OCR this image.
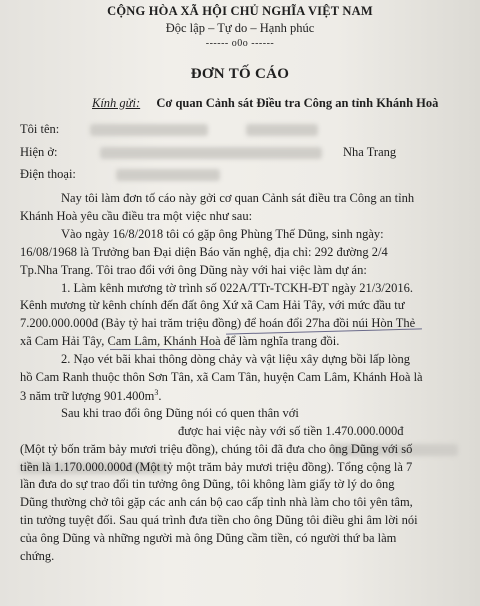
CỘNG HÒA XÃ HỘI CHỦ NGHĨA VIỆT NAM
Độc lập – Tự do – Hạnh phúc
------ o0o ------
ĐƠN TỐ CÁO
Kính gửi: Cơ quan Cảnh sát Điều tra Công an tỉnh Khánh Hoà
Tôi tên:
Hiện ở:	Nha Trang
Điện thoại:
Nay tôi làm đơn tố cáo này gởi cơ quan Cảnh sát điều tra Công an tỉnh
Khánh Hoà yêu cầu điều tra một việc như sau:
Vào ngày 16/8/2018 tôi có gặp ông Phùng Thế Dũng, sinh ngày:
16/08/1968 là Trưởng ban Đại diện Báo văn nghệ, địa chỉ: 292 đường 2/4
Tp.Nha Trang. Tôi trao đổi với ông Dũng này với hai việc làm dự án:
1. Làm kênh mương tờ trình số 022A/TTr-TCKH-ĐT ngày 21/3/2016.
Kênh mương từ kênh chính đến đất ông Xứ xã Cam Hải Tây, với mức đầu tư
7.200.000.000đ (Bảy tỷ hai trăm triệu đồng) để hoán đổi 27ha đồi núi Hòn Thẻ
xã Cam Hải Tây, Cam Lâm, Khánh Hoà để làm nghĩa trang đồi.
2. Nạo vét bãi khai thông dòng chảy và vật liệu xây dựng bồi lấp lòng
hồ Cam Ranh thuộc thôn Sơn Tân, xã Cam Tân, huyện Cam Lâm, Khánh Hoà là
3 năm trữ lượng $901.400m^3$.
Sau khi trao đổi ông Dũng nói có quen thân với
được hai việc này với số tiền 1.470.000.000đ
(Một tỷ bốn trăm bảy mươi triệu đồng), chúng tôi đã đưa cho ông Dũng với số
tiền là 1.170.000.000đ (Một tỷ một trăm bảy mươi triệu đồng). Tổng cộng là 7
lần đưa do sự trao đổi tin tưởng ông Dũng, tôi không làm giấy tờ lý do ông
Dũng thường chở tôi gặp các anh cán bộ cao cấp tỉnh nhà làm cho tôi yên tâm,
tin tưởng tuyệt đối. Sau quá trình đưa tiền cho ông Dũng tôi điều ghi âm lời nói
của ông Dũng và những người mà ông Dũng cầm tiền, có người thứ ba làm
chứng.
